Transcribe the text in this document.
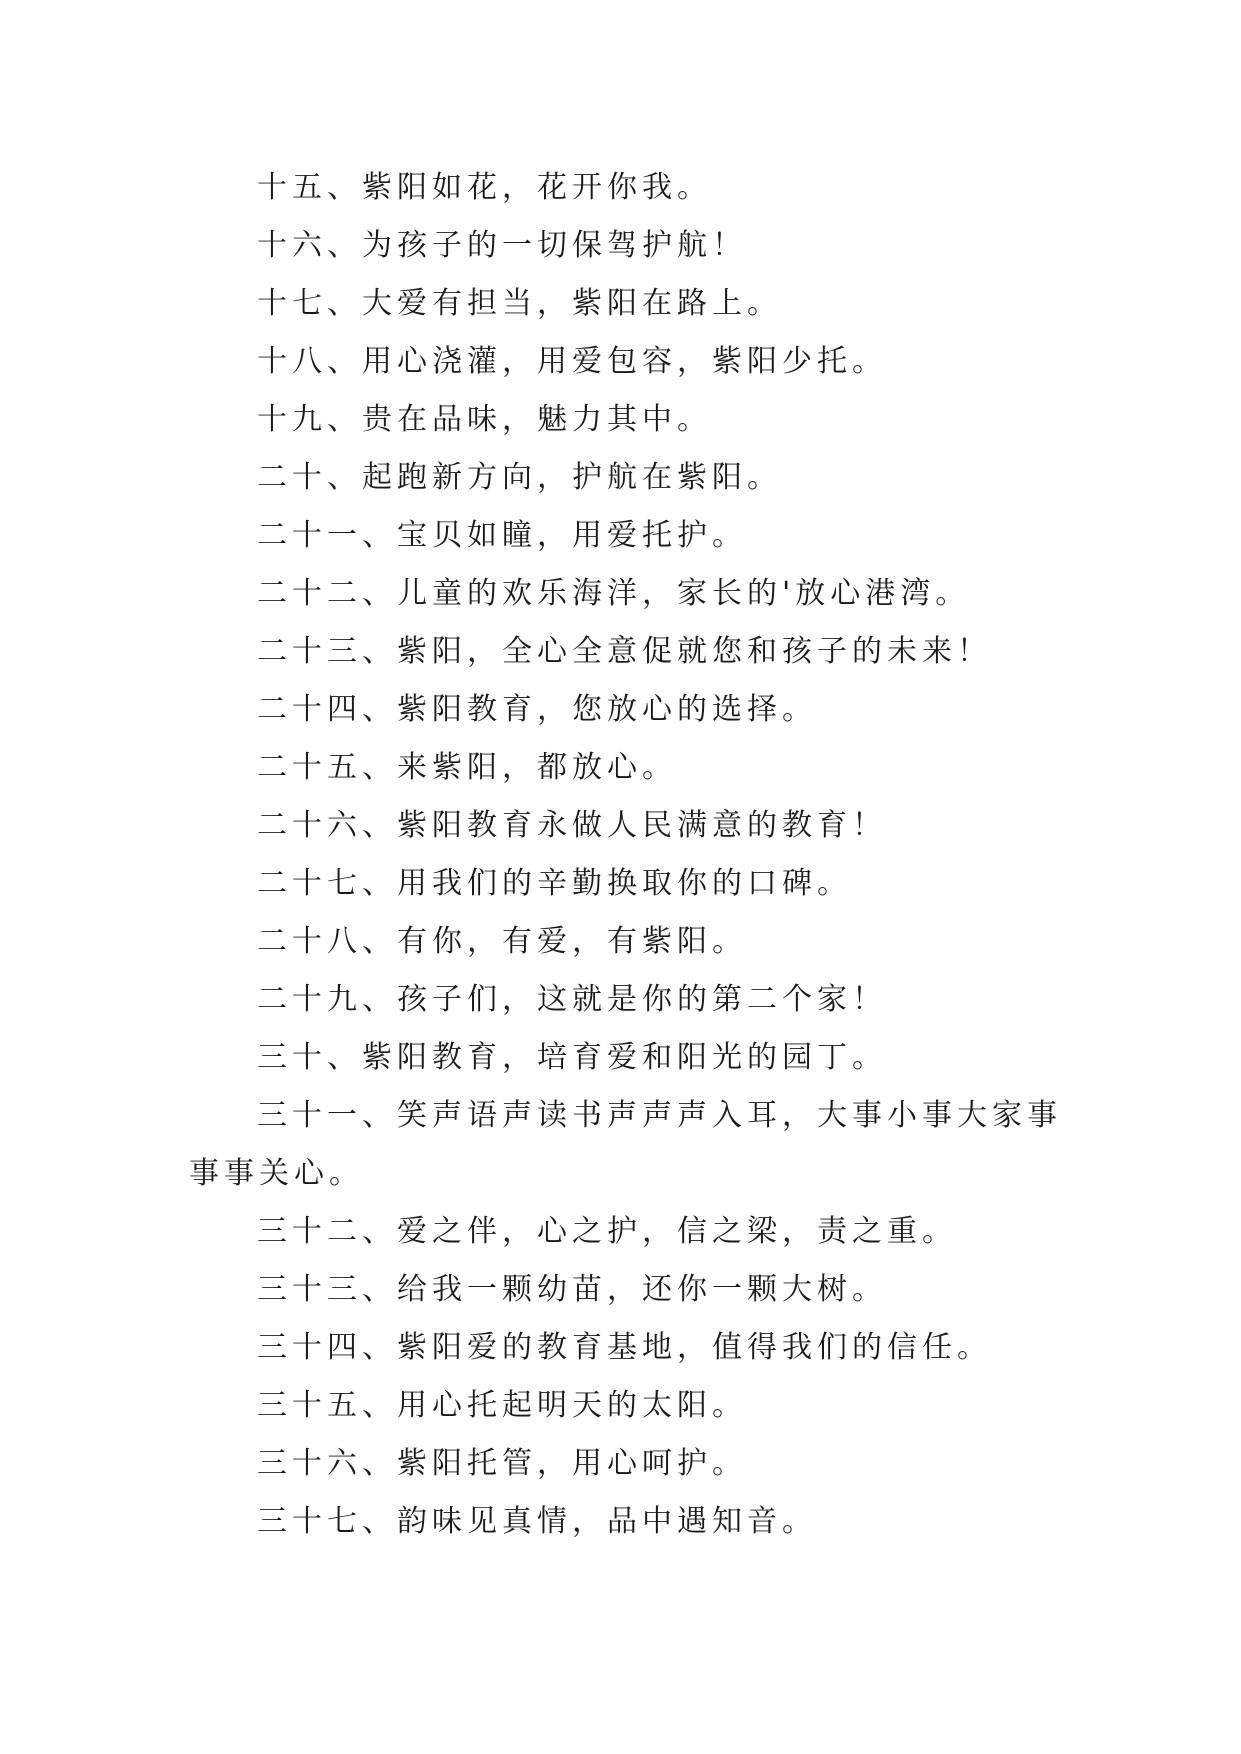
十五、紫阳如花，花开你我。

十六、为孩子的一切保驾护航！

十七、大爱有担当，紫阳在路上。

十八、用心浇灌，用爱包容，紫阳少托。

十九、贵在品味，魅力其中。

二十、起跑新方向，护航在紫阳。

二十一、宝贝如瞳，用爱托护。

二十二、儿童的欢乐海洋，家长的'放心港湾。

二十三、紫阳，全心全意促就您和孩子的未来！

二十四、紫阳教育，您放心的选择。

二十五、来紫阳，都放心。

二十六、紫阳教育永做人民满意的教育！

二十七、用我们的辛勤换取你的口碑。

二十八、有你，有爱，有紫阳。

二十九、孩子们，这就是你的第二个家！

三十、紫阳教育，培育爱和阳光的园丁。

三十一、笑声语声读书声声声入耳，大事小事大家事事事关心。

三十二、爱之伴，心之护，信之梁，责之重。

三十三、给我一颗幼苗，还你一颗大树。

三十四、紫阳爱的教育基地，值得我们的信任。

三十五、用心托起明天的太阳。

三十六、紫阳托管，用心呵护。

三十七、韵味见真情，品中遇知音。
